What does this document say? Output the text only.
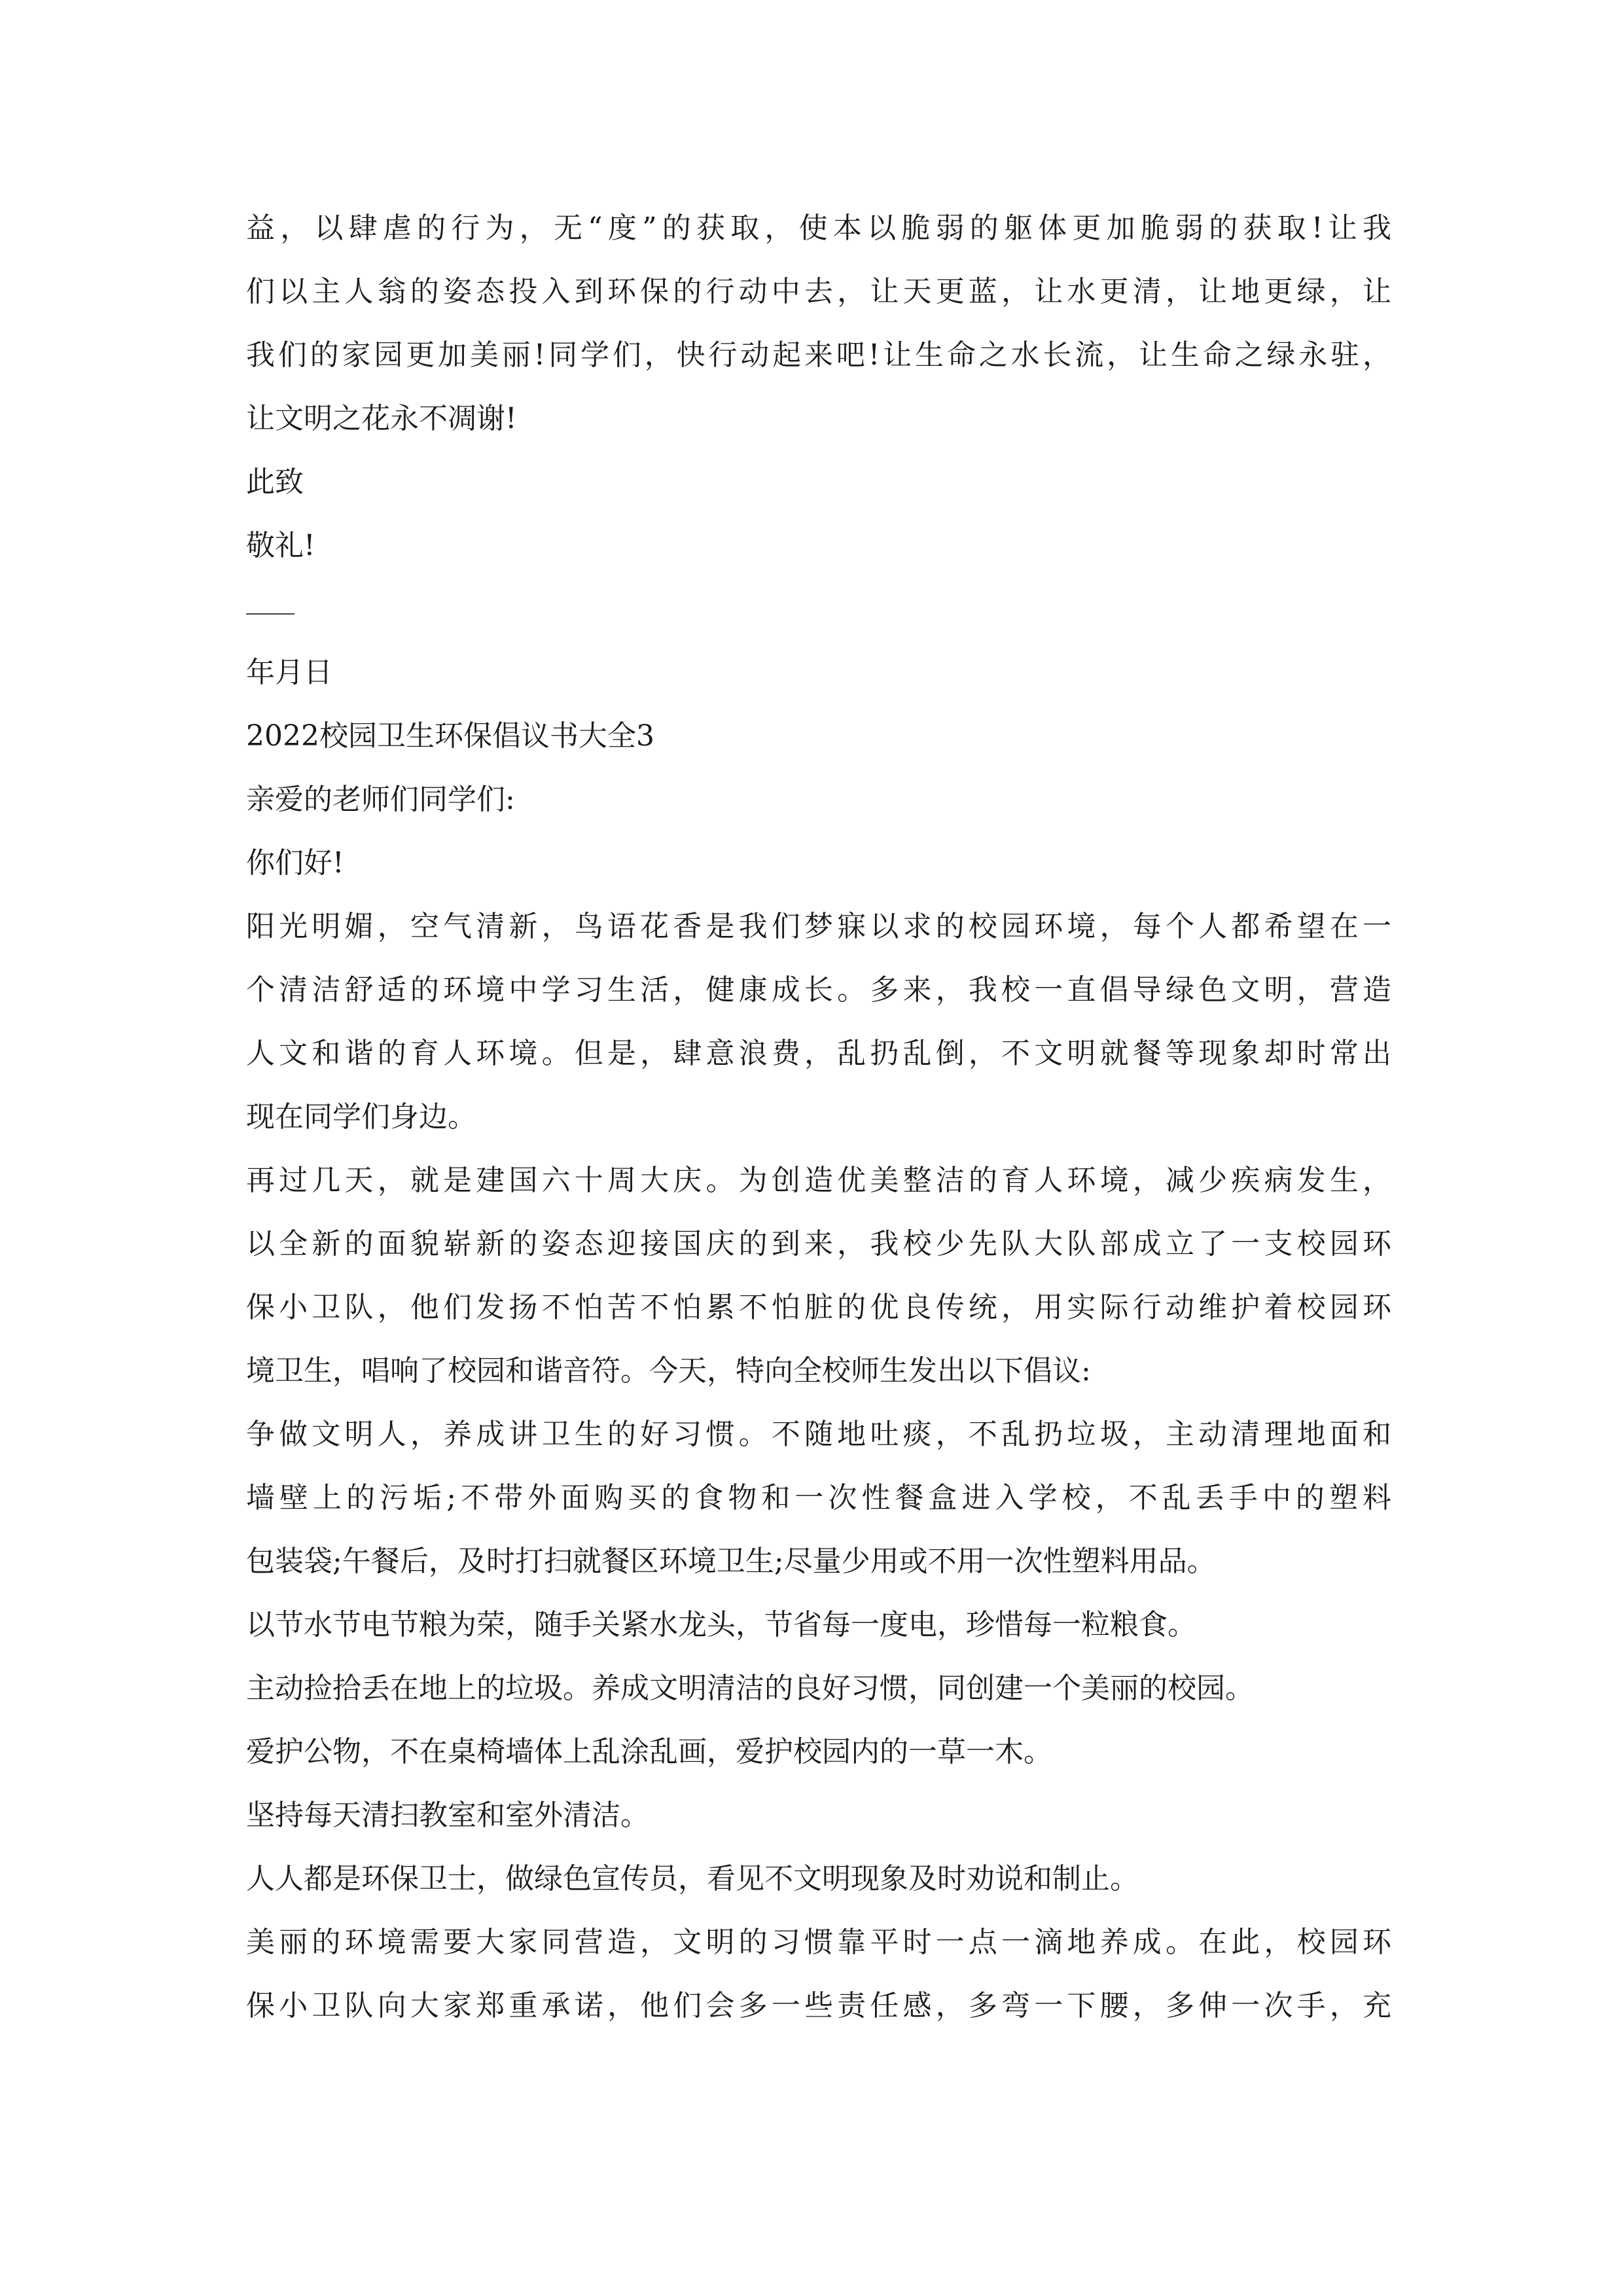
益，以肆虐的行为，无“度”的获取，使本以脆弱的躯体更加脆弱的获取!让我
们以主人翁的姿态投入到环保的行动中去，让天更蓝，让水更清，让地更绿，让
我们的家园更加美丽!同学们，快行动起来吧!让生命之水长流，让生命之绿永驻，
让文明之花永不凋谢!
此致
敬礼!
年月日
2022校园卫生环保倡议书大全3
亲爱的老师们同学们:
你们好!
阳光明媚，空气清新，鸟语花香是我们梦寐以求的校园环境，每个人都希望在一
个清洁舒适的环境中学习生活，健康成长。多来，我校一直倡导绿色文明，营造
人文和谐的育人环境。但是，肆意浪费，乱扔乱倒，不文明就餐等现象却时常出
现在同学们身边。
再过几天，就是建国六十周大庆。为创造优美整洁的育人环境，减少疾病发生，
以全新的面貌崭新的姿态迎接国庆的到来，我校少先队大队部成立了一支校园环
保小卫队，他们发扬不怕苦不怕累不怕脏的优良传统，用实际行动维护着校园环
境卫生，唱响了校园和谐音符。今天，特向全校师生发出以下倡议:
争做文明人，养成讲卫生的好习惯。不随地吐痰，不乱扔垃圾，主动清理地面和
墙壁上的污垢;不带外面购买的食物和一次性餐盒进入学校，不乱丢手中的塑料
包装袋;午餐后，及时打扫就餐区环境卫生;尽量少用或不用一次性塑料用品。
以节水节电节粮为荣，随手关紧水龙头，节省每一度电，珍惜每一粒粮食。
主动捡拾丢在地上的垃圾。养成文明清洁的良好习惯，同创建一个美丽的校园。
爱护公物，不在桌椅墙体上乱涂乱画，爱护校园内的一草一木。
坚持每天清扫教室和室外清洁。
人人都是环保卫士，做绿色宣传员，看见不文明现象及时劝说和制止。
美丽的环境需要大家同营造，文明的习惯靠平时一点一滴地养成。在此，校园环
保小卫队向大家郑重承诺，他们会多一些责任感，多弯一下腰，多伸一次手，充
